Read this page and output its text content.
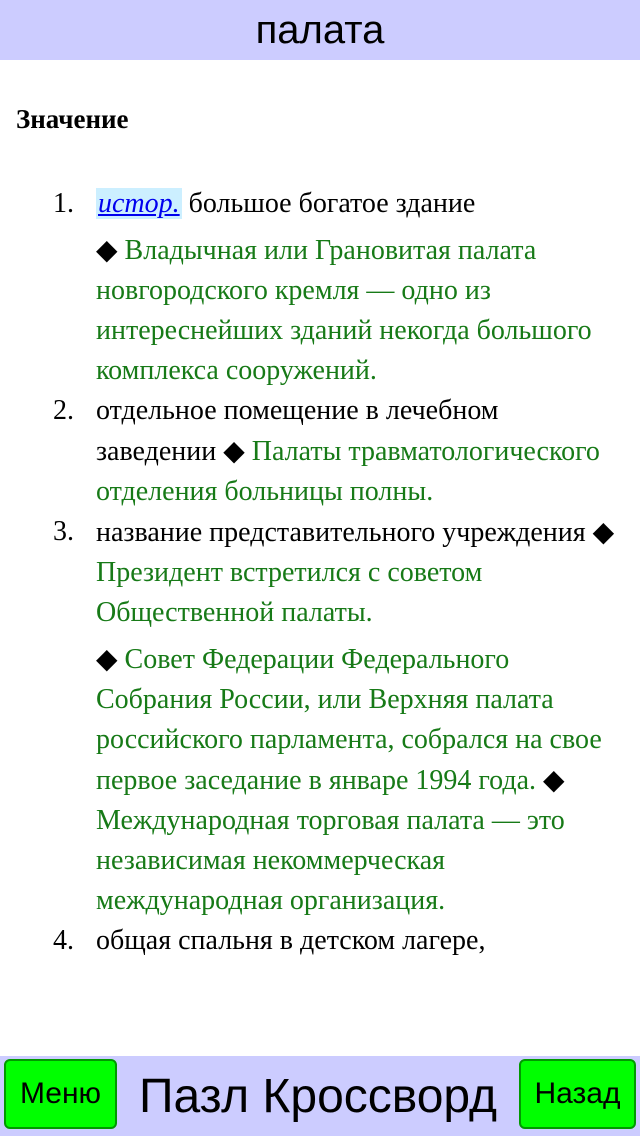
палата
Значение
1. истор. большое богатое здание
◆ Владычная или Грановитая палата новгородского кремля — одно из интереснейших зданий некогда большого комплекса сооружений.
2. отдельное помещение в лечебном заведении ◆ Палаты травматологического отделения больницы полны.
3. название представительного учреждения ◆ Президент встретился с советом Общественной палаты.
◆ Совет Федерации Федерального Собрания России, или Верхняя палата российского парламента, собрался на свое первое заседание в январе 1994 года. ◆ Международная торговая палата — это независимая некоммерческая международная организация.
4. общая спальня в детском лагере,
Меню Пазл Кроссворд	Назад
